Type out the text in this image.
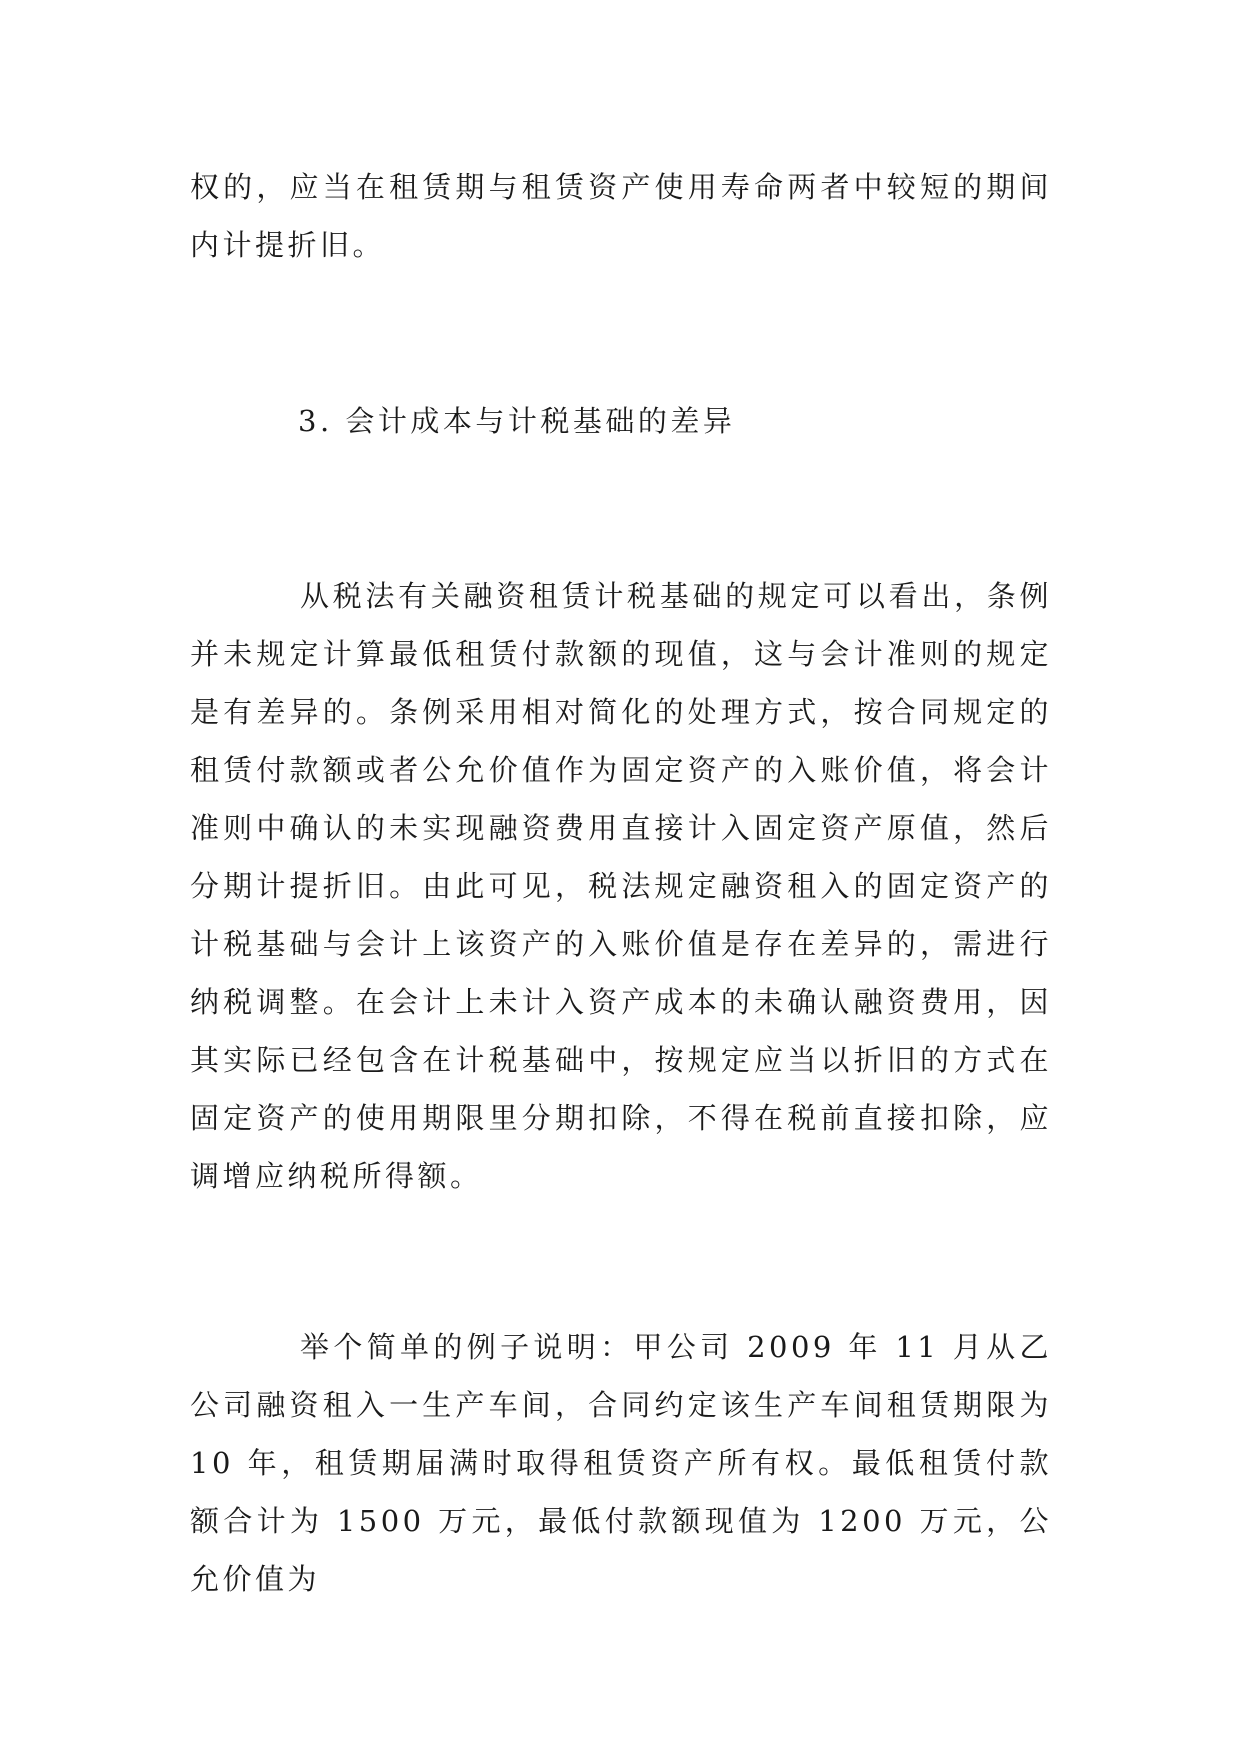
权的，应当在租赁期与租赁资产使用寿命两者中较短的期间内计提折旧。

3. 会计成本与计税基础的差异

从税法有关融资租赁计税基础的规定可以看出，条例并未规定计算最低租赁付款额的现值，这与会计准则的规定是有差异的。条例采用相对简化的处理方式，按合同规定的租赁付款额或者公允价值作为固定资产的入账价值，将会计准则中确认的未实现融资费用直接计入固定资产原值，然后分期计提折旧。由此可见，税法规定融资租入的固定资产的计税基础与会计上该资产的入账价值是存在差异的，需进行纳税调整。在会计上未计入资产成本的未确认融资费用，因其实际已经包含在计税基础中，按规定应当以折旧的方式在固定资产的使用期限里分期扣除，不得在税前直接扣除，应调增应纳税所得额。

举个简单的例子说明：甲公司 2009 年 11 月从乙公司融资租入一生产车间，合同约定该生产车间租赁期限为 10 年，租赁期届满时取得租赁资产所有权。最低租赁付款额合计为 1500 万元，最低付款额现值为 1200 万元，公允价值为
